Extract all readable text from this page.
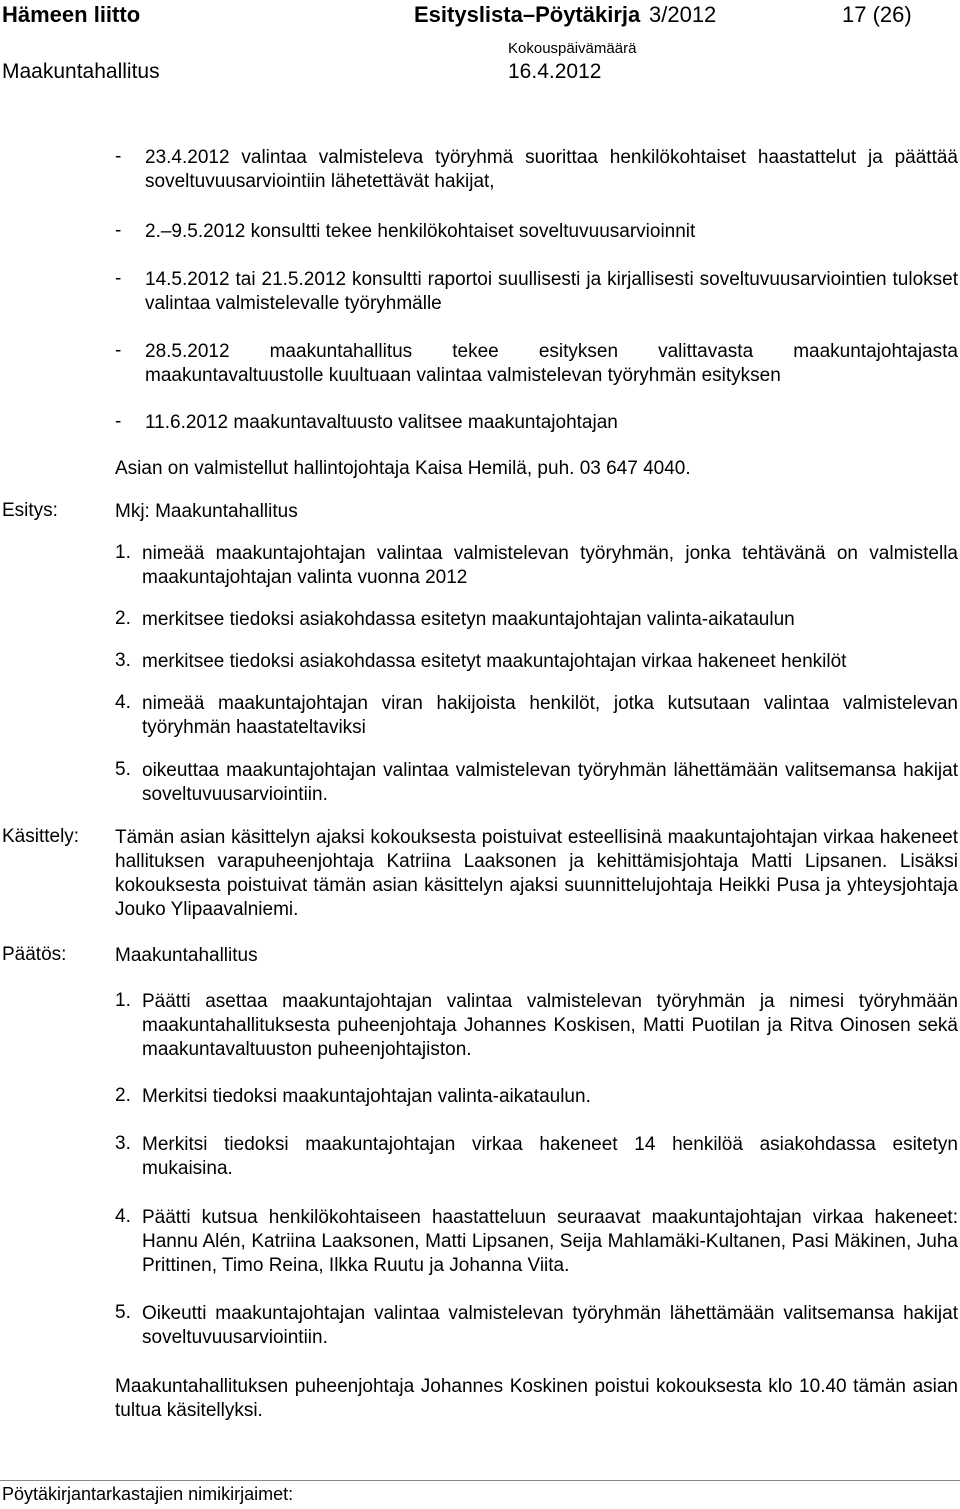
Hämeen liitto	Esityslista–Pöytäkirja 3/2012	17 (26)
Maakuntahallitus
Kokouspäivämäärä
16.4.2012
- 23.4.2012 valintaa valmisteleva työryhmä suorittaa henkilökohtaiset haastattelut ja päättää soveltuvuusarviointiin lähetettävät hakijat,
- 2.–9.5.2012 konsultti tekee henkilökohtaiset soveltuvuusarvioinnit
- 14.5.2012 tai 21.5.2012 konsultti raportoi suullisesti ja kirjallisesti soveltuvuusarviointien tulokset valintaa valmistelevalle työryhmälle
- 28.5.2012 maakuntahallitus tekee esityksen valittavasta maakuntajohtajasta maakuntavaltuustolle kuultuaan valintaa valmistelevan työryhmän esityksen
- 11.6.2012 maakuntavaltuusto valitsee maakuntajohtajan
Asian on valmistellut hallintojohtaja Kaisa Hemilä, puh. 03 647 4040.
Esitys:	Mkj: Maakuntahallitus
1. nimeää maakuntajohtajan valintaa valmistelevan työryhmän, jonka tehtävänä on valmistella maakuntajohtajan valinta vuonna 2012
2. merkitsee tiedoksi asiakohdassa esitetyn maakuntajohtajan valinta-aikataulun
3. merkitsee tiedoksi asiakohdassa esitetyt maakuntajohtajan virkaa hakeneet henkilöt
4. nimeää maakuntajohtajan viran hakijoista henkilöt, jotka kutsutaan valintaa valmistelevan työryhmän haastateltaviksi
5. oikeuttaa maakuntajohtajan valintaa valmistelevan työryhmän lähettämään valitsemansa hakijat soveltuvuusarviointiin.
Käsittely: Tämän asian käsittelyn ajaksi kokouksesta poistuivat esteellisinä maakuntajohtajan virkaa hakeneet hallituksen varapuheenjohtaja Katriina Laaksonen ja kehittämisjohtaja Matti Lipsanen. Lisäksi kokouksesta poistuivat tämän asian käsittelyn ajaksi suunnittelujohtaja Heikki Pusa ja yhteysjohtaja Jouko Ylipaavalniemi.
Päätös:	Maakuntahallitus
1. Päätti asettaa maakuntajohtajan valintaa valmistelevan työryhmän ja nimesi työryhmään maakuntahallituksesta puheenjohtaja Johannes Koskisen, Matti Puotilan ja Ritva Oinosen sekä maakuntavaltuuston puheenjohtajiston.
2. Merkitsi tiedoksi maakuntajohtajan valinta-aikataulun.
3. Merkitsi tiedoksi maakuntajohtajan virkaa hakeneet 14 henkilöä asiakohdassa esitetyn mukaisina.
4. Päätti kutsua henkilökohtaiseen haastatteluun seuraavat maakuntajohtajan virkaa hakeneet: Hannu Alén, Katriina Laaksonen, Matti Lipsanen, Seija Mahlamäki-Kultanen, Pasi Mäkinen, Juha Prittinen, Timo Reina, Ilkka Ruutu ja Johanna Viita.
5. Oikeutti maakuntajohtajan valintaa valmistelevan työryhmän lähettämään valitsemansa hakijat soveltuvuusarviointiin.
Maakuntahallituksen puheenjohtaja Johannes Koskinen poistui kokouksesta klo 10.40 tämän asian tultua käsitellyksi.
Pöytäkirjantarkastajien nimikirjaimet:
